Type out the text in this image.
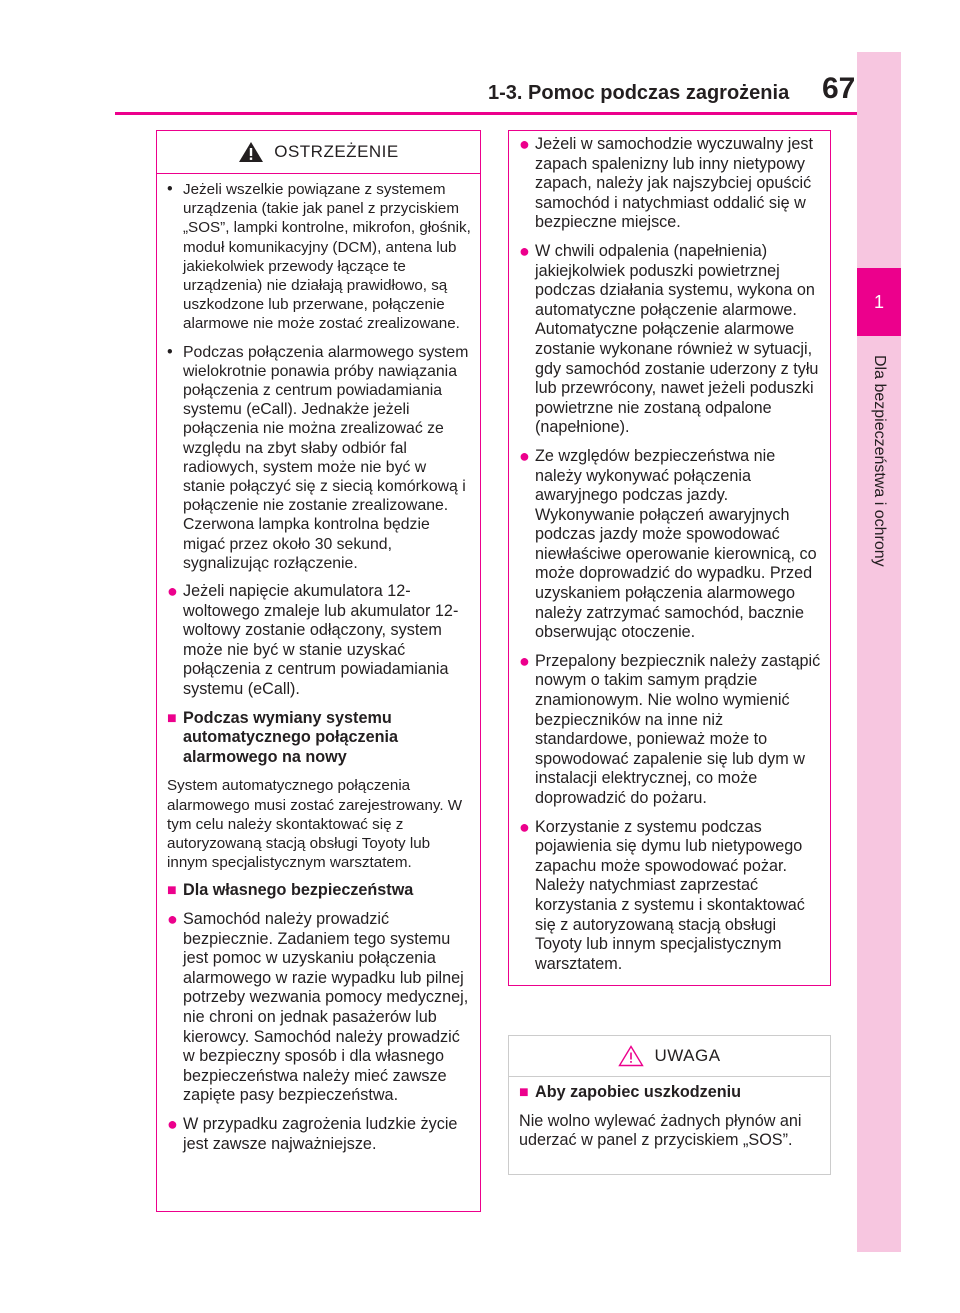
1-3. Pomoc podczas zagrożenia 67
1
Dla bezpieczeństwa i ochrony
OSTRZEŻENIE
• Jeżeli wszelkie powiązane z systemem urządzenia (takie jak panel z przyciskiem „SOS”, lampki kontrolne, mikrofon, głośnik, moduł komunikacyjny (DCM), antena lub jakiekolwiek przewody łączące te urządzenia) nie działają prawidłowo, są uszkodzone lub przerwane, połączenie alarmowe nie może zostać zrealizowane.

• Podczas połączenia alarmowego system wielokrotnie ponawia próby nawiązania połączenia z centrum powiadamiania systemu (eCall). Jednakże jeżeli połączenia nie można zrealizować ze względu na zbyt słaby odbiór fal radiowych, system może nie być w stanie połączyć się z siecią komórkową i połączenie nie zostanie zrealizowane. Czerwona lampka kontrolna będzie migać przez około 30 sekund, sygnalizując rozłączenie.

● Jeżeli napięcie akumulatora 12-woltowego zmaleje lub akumulator 12-woltowy zostanie odłączony, system może nie być w stanie uzyskać połączenia z centrum powiadamiania systemu (eCall).

■ Podczas wymiany systemu automatycznego połączenia alarmowego na nowy

System automatycznego połączenia alarmowego musi zostać zarejestrowany. W tym celu należy skontaktować się z autoryzowaną stacją obsługi Toyoty lub innym specjalistycznym warsztatem.

■ Dla własnego bezpieczeństwa

● Samochód należy prowadzić bezpiecznie. Zadaniem tego systemu jest pomoc w uzyskaniu połączenia alarmowego w razie wypadku lub pilnej potrzeby wezwania pomocy medycznej, nie chroni on jednak pasażerów lub kierowcy. Samochód należy prowadzić w bezpieczny sposób i dla własnego bezpieczeństwa należy mieć zawsze zapięte pasy bezpieczeństwa.

● W przypadku zagrożenia ludzkie życie jest zawsze najważniejsze.

● Jeżeli w samochodzie wyczuwalny jest zapach spalenizny lub inny nietypowy zapach, należy jak najszybciej opuścić samochód i natychmiast oddalić się w bezpieczne miejsce.

● W chwili odpalenia (napełnienia) jakiejkolwiek poduszki powietrznej podczas działania systemu, wykona on automatyczne połączenie alarmowe. Automatyczne połączenie alarmowe zostanie wykonane również w sytuacji, gdy samochód zostanie uderzony z tyłu lub przewrócony, nawet jeżeli poduszki powietrzne nie zostaną odpalone (napełnione).

● Ze względów bezpieczeństwa nie należy wykonywać połączenia awaryjnego podczas jazdy. Wykonywanie połączeń awaryjnych podczas jazdy może spowodować niewłaściwe operowanie kierownicą, co może doprowadzić do wypadku. Przed uzyskaniem połączenia alarmowego należy zatrzymać samochód, bacznie obserwując otoczenie.

● Przepalony bezpiecznik należy zastąpić nowym o takim samym prądzie znamionowym. Nie wolno wymienić bezpieczników na inne niż standardowe, ponieważ może to spowodować zapalenie się lub dym w instalacji elektrycznej, co może doprowadzić do pożaru.

● Korzystanie z systemu podczas pojawienia się dymu lub nietypowego zapachu może spowodować pożar. Należy natychmiast zaprzestać korzystania z systemu i skontaktować się z autoryzowaną stacją obsługi Toyoty lub innym specjalistycznym warsztatem.

UWAGA
■ Aby zapobiec uszkodzeniu

Nie wolno wylewać żadnych płynów ani uderzać w panel z przyciskiem „SOS”.
